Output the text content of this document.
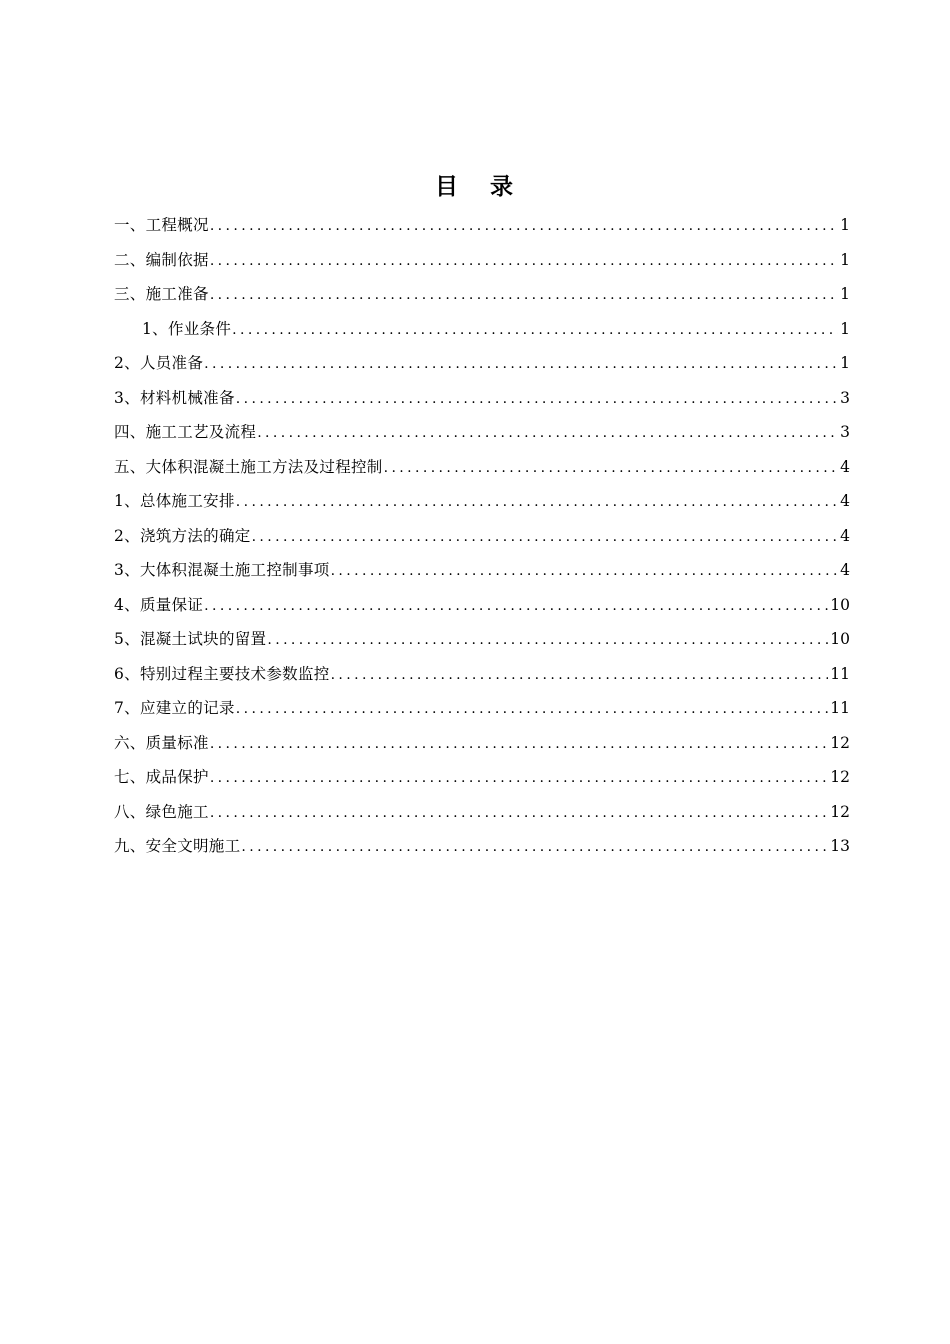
目 录
一、工程概况 .....	1
二、编制依据 .....	1
三、施工准备 .....	1
1、作业条件 .....	1
2、人员准备 .....	1
3、材料机械准备 .....	3
四、施工工艺及流程 .....	3
五、大体积混凝土施工方法及过程控制 .....	4
1、总体施工安排 .....	4
2、浇筑方法的确定 .....	4
3、大体积混凝土施工控制事项 .....	4
4、质量保证 .....	10
5、混凝土试块的留置 .....	10
6、特别过程主要技术参数监控 .....	11
7、应建立的记录 .....	11
六、质量标准 .....	12
七、成品保护 .....	12
八、绿色施工 .....	12
九、安全文明施工 .....	13
